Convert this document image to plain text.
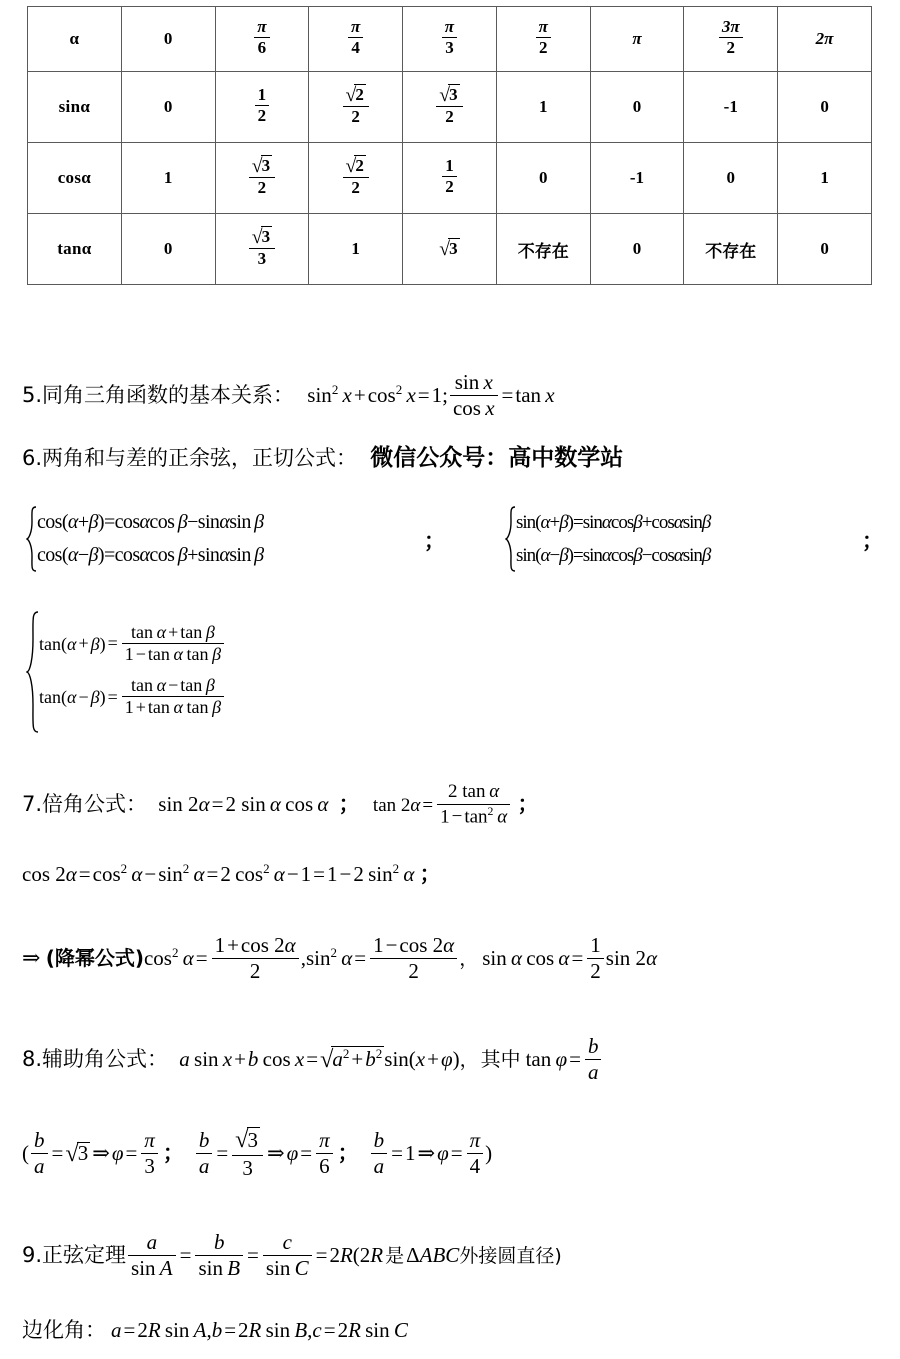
α	0	$\frac{\pi}{6}$	$\frac{\pi}{4}$	$\frac{\pi}{3}$	$\frac{\pi}{2}$	π	$\frac{3\pi}{2}$	2π
sinα	0	$\frac{1}{2}$	$\frac{√2}{2}$	$\frac{√3}{2}$	1	0	-1	0
cosα	1	$\frac{√3}{2}$	$\frac{√2}{2}$	$\frac{1}{2}$	0	-1	0	1
tanα	0	$\frac{√3}{3}$	1	√3	不存在	0	不存在	0
5.同角三角函数的基本关系： $\sin^2 x+\cos^2$  x=1; $\frac{\text{sin  x}}{\text{cos  x}} =\tan$  x
6.两角和与差的正余弦，正切公式： 微信公众号：高中数学站
cos(α+β)=cosαcos  β−sinαsin  β
cos(α−β)=cosαcos  β+sinαsin  β
；
sin(α+β)=sinαcosβ+cosαsinβ
sin(α−β)=sinαcosβ−cosαsinβ
；
$\tan(\alpha + \beta) = \frac{\text{tan  α + tan  β}}{\text{1 − tan  α  tan  β}}$
$\tan(\alpha - \beta) = \frac{\text{tan  α − tan  β}}{\text{1 + tan  α  tan  β}}$
7.倍角公式： sin 2α=2 sin  α  cos  α ； $\tan 2\alpha = \frac{\text{2 tan  α}}{1 - \tan^2 \alpha}$ ；
$\cos 2\alpha=\cos^2$  $\alpha-\sin^2$  α=2 $\cos^2 \alpha-1=1-2$ $\sin^2 \alpha$ ；
⇒ (降幂公式)$\cos^2$  $\alpha= \frac{1+\cos 2\alpha}{2} ,\sin^2$  $\alpha= \frac{1-\cos 2\alpha}{2}$ ， sin  α  $\cos \alpha= \frac{1}{2}$ sin 2α
8.辅助角公式： a  sin  x+b  $\cos x=√a^2+b^2\sin(x+\varphi)$， 其中 $\tan \varphi= \frac{b}{a}$
( $\frac{b}{a} =√3$ ⇒φ= $\frac{\pi}{3}$ ； $\frac{b}{a} = \frac{√3}{3}$ ⇒φ= $\frac{\pi}{6}$ ； $\frac{b}{a}$ =1⇒φ= $\frac{\pi}{4}$ )
9.正弦定理 $\frac{a}{\text{sin  A}} = \frac{b}{\text{sin  B}} = \frac{c}{\text{sin  C}} =2R(2R$ 是ΔABC外接圆直径)
边化角： a=2R  sin  A,b=2R  sin  B,c=2R  sin  C
